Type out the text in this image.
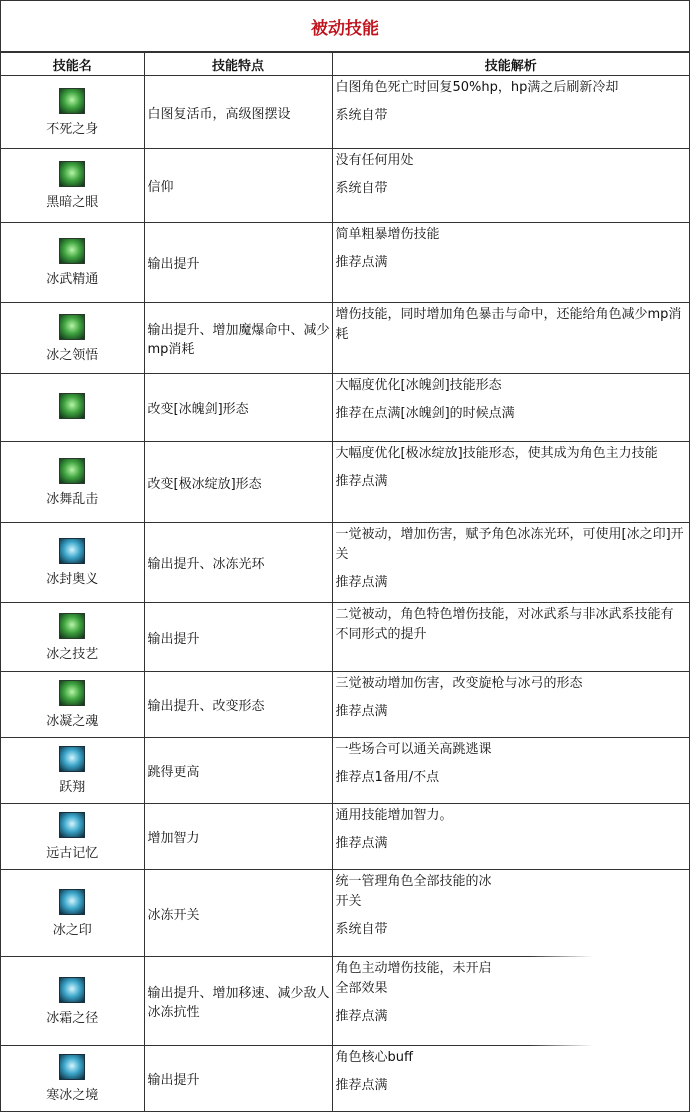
被动技能
技能名	技能特点	技能解析

不死之身	白图复活币，高级图摆设	白图角色死亡时回复50%hp，hp满之后刷新冷却
系统自带

黑暗之眼	信仰	没有任何用处
系统自带

冰武精通	输出提升	简单粗暴增伤技能
推荐点满

冰之领悟	输出提升、增加魔爆命中、减少mp消耗	增伤技能，同时增加角色暴击与命中，还能给角色减少mp消耗

	改变[冰魄剑]形态	大幅度优化[冰魄剑]技能形态
推荐在点满[冰魄剑]的时候点满

冰舞乱击	改变[极冰绽放]形态	大幅度优化[极冰绽放]技能形态，使其成为角色主力技能
推荐点满

冰封奥义	输出提升、冰冻光环	一觉被动，增加伤害，赋予角色冰冻光环，可使用[冰之印]开关
推荐点满

冰之技艺	输出提升	二觉被动，角色特色增伤技能，对冰武系与非冰武系技能有不同形式的提升

冰凝之魂	输出提升、改变形态	三觉被动增加伤害，改变旋枪与冰弓的形态
推荐点满

跃翔	跳得更高	一些场合可以通关高跳逃课
推荐点1备用/不点

远古记忆	增加智力	通用技能增加智力。
推荐点满

冰之印	冰冻开关	统一管理角色全部技能的冰
开关
系统自带

冰霜之径	输出提升、增加移速、减少敌人冰冻抗性	角色主动增伤技能，未开启
全部效果
推荐点满

寒冰之境	输出提升	角色核心buff
推荐点满
